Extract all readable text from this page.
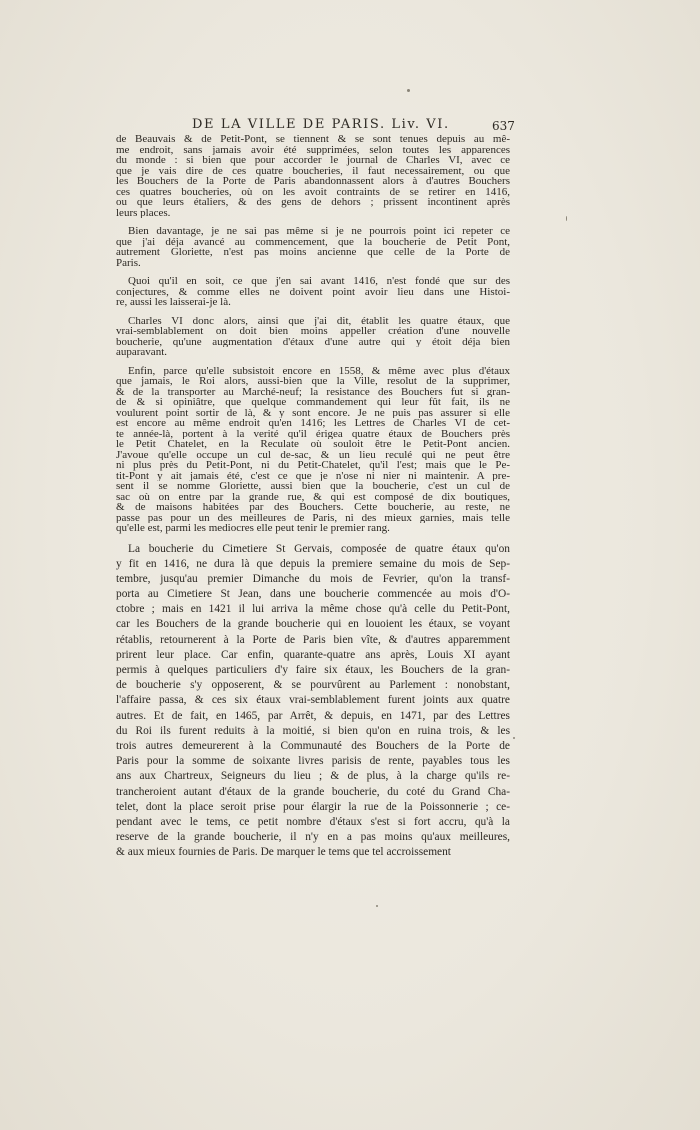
DE LA VILLE DE PARIS. Liv. VI.	637
de Beauvais & de Petit-Pont, se tiennent & se sont tenues depuis au mê-
me endroit, sans jamais avoir été supprimées, selon toutes les apparences
du monde : si bien que pour accorder le journal de Charles VI, avec ce
que je vais dire de ces quatre boucheries, il faut necessairement, ou que
les Bouchers de la Porte de Paris abandonnassent alors à d'autres Bouchers
ces quatres boucheries, où on les avoit contraints de se retirer en 1416,
ou que leurs étaliers, & des gens de dehors ; prissent incontinent après
leurs places.
Bien davantage, je ne sai pas même si je ne pourrois point ici repeter ce
que j'ai déja avancé au commencement, que la boucherie de Petit Pont,
autrement Gloriette, n'est pas moins ancienne que celle de la Porte de
Paris.
Quoi qu'il en soit, ce que j'en sai avant 1416, n'est fondé que sur des
conjectures, & comme elles ne doivent point avoir lieu dans une Histoi-
re, aussi les laisserai-je là.
Charles VI donc alors, ainsi que j'ai dit, établit les quatre étaux, que
vrai-semblablement on doit bien moins appeller création d'une nouvelle
boucherie, qu'une augmentation d'étaux d'une autre qui y étoit déja bien
auparavant.
Enfin, parce qu'elle subsistoit encore en 1558, & même avec plus d'étaux
que jamais, le Roi alors, aussi-bien que la Ville, resolut de la supprimer,
& de la transporter au Marché-neuf; la resistance des Bouchers fut si gran-
de & si opiniâtre, que quelque commandement qui leur fût fait, ils ne
voulurent point sortir de là, & y sont encore. Je ne puis pas assurer si elle
est encore au même endroit qu'en 1416; les Lettres de Charles VI de cet-
te année-là, portent à la verité qu'il érigea quatre étaux de Bouchers près
le Petit Chatelet, en la Reculate où souloit être le Petit-Pont ancien.
J'avoue qu'elle occupe un cul de-sac, & un lieu reculé qui ne peut être
ni plus près du Petit-Pont, ni du Petit-Chatelet, qu'il l'est; mais que le Pe-
tit-Pont y ait jamais été, c'est ce que je n'ose ni nier ni maintenir. A pre-
sent il se nomme Gloriette, aussi bien que la boucherie, c'est un cul de
sac où on entre par la grande rue, & qui est composé de dix boutiques,
& de maisons habitées par des Bouchers. Cette boucherie, au reste, ne
passe pas pour un des meilleures de Paris, ni des mieux garnies, mais telle
qu'elle est, parmi les mediocres elle peut tenir le premier rang.
La boucherie du Cimetiere St Gervais, composée de quatre étaux qu'on
y fit en 1416, ne dura là que depuis la premiere semaine du mois de Sep-
tembre, jusqu'au premier Dimanche du mois de Fevrier, qu'on la transf-
porta au Cimetiere St Jean, dans une boucherie commencée au mois d'O-
ctobre ; mais en 1421 il lui arriva la même chose qu'à celle du Petit-Pont,
car les Bouchers de la grande boucherie qui en louoient les étaux, se voyant
rétablis, retournerent à la Porte de Paris bien vîte, & d'autres apparemment
prirent leur place. Car enfin, quarante-quatre ans après, Louis XI ayant
permis à quelques particuliers d'y faire six étaux, les Bouchers de la gran-
de boucherie s'y opposerent, & se pourvûrent au Parlement : nonobstant,
l'affaire passa, & ces six étaux vrai-semblablement furent joints aux quatre
autres. Et de fait, en 1465, par Arrêt, & depuis, en 1471, par des Lettres
du Roi ils furent reduits à la moitié, si bien qu'on en ruina trois, & les
trois autres demeurerent à la Communauté des Bouchers de la Porte de
Paris pour la somme de soixante livres parisis de rente, payables tous les
ans aux Chartreux, Seigneurs du lieu ; & de plus, à la charge qu'ils re-
trancheroient autant d'étaux de la grande boucherie, du coté du Grand Cha-
telet, dont la place seroit prise pour élargir la rue de la Poissonnerie ; ce-
pendant avec le tems, ce petit nombre d'étaux s'est si fort accru, qu'à la
reserve de la grande boucherie, il n'y en a pas moins qu'aux meilleures,
& aux mieux fournies de Paris. De marquer le tems que tel accroissement
